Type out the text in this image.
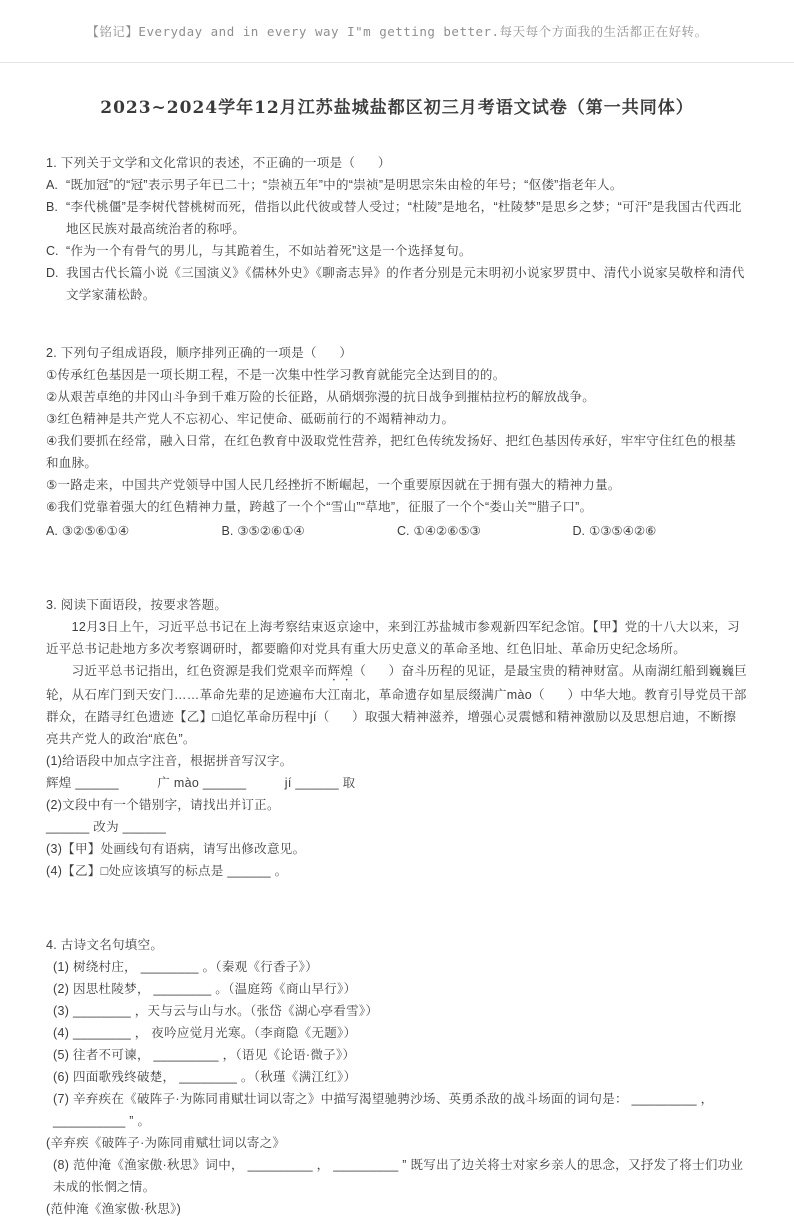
【铭记】Everyday and in every way I"m getting better.每天每个方面我的生活都正在好转。
2023~2024学年12月江苏盐城盐都区初三月考语文试卷（第一共同体）

1. 下列关于文学和文化常识的表述，不正确的一项是（      ）

A. “既加冠”的“冠”表示男子年已二十；“崇祯五年”中的“崇祯”是明思宗朱由检的年号；“伛偻”指老年人。
B. “李代桃僵”是李树代替桃树而死，借指以此代彼或替人受过；“杜陵”是地名，“杜陵梦”是思乡之梦；“可汗”是我国古代西北地区民族对最高统治者的称呼。
C. “作为一个有骨气的男儿，与其跪着生，不如站着死”这是一个选择复句。
D. 我国古代长篇小说《三国演义》《儒林外史》《聊斋志异》的作者分别是元末明初小说家罗贯中、清代小说家吴敬梓和清代文学家蒲松龄。

2. 下列句子组成语段，顺序排列正确的一项是（      ）

①传承红色基因是一项长期工程，不是一次集中性学习教育就能完全达到目的的。

②从艰苦卓绝的井冈山斗争到千难万险的长征路，从硝烟弥漫的抗日战争到摧枯拉朽的解放战争。

③红色精神是共产党人不忘初心、牢记使命、砥砺前行的不竭精神动力。

④我们要抓在经常，融入日常，在红色教育中汲取党性营养，把红色传统发扬好、把红色基因传承好，牢牢守住红色的根基和血脉。

⑤一路走来，中国共产党领导中国人民几经挫折不断崛起，一个重要原因就在于拥有强大的精神力量。

⑥我们党靠着强大的红色精神力量，跨越了一个个“雪山”“草地”，征服了一个个“娄山关”“腊子口”。

A. ③②⑤⑥①④	B. ③⑤②⑥①④	C. ①④②⑥⑤③	D. ①③⑤④②⑥

3. 阅读下面语段，按要求答题。

　　12月3日上午，习近平总书记在上海考察结束返京途中，来到江苏盐城市参观新四军纪念馆。【甲】党的十八大以来，习近平总书记赴地方多次考察调研时，都要瞻仰对党具有重大历史意义的革命圣地、红色旧址、革命历史纪念场所。

　　习近平总书记指出，红色资源是我们党艰辛而辉煌（      ）奋斗历程的见证，是最宝贵的精神财富。从南湖红船到巍巍巨轮，从石库门到天安门……革命先辈的足迹遍布大江南北，革命遗存如星辰缀满广mào（      ）中华大地。教育引导党员干部群众，在踏寻红色遗迹【乙】□追忆革命历程中jí（      ）取强大精神滋养，增强心灵震憾和精神激励以及思想启迪，不断擦亮共产党人的政治“底色”。

(1)给语段中加点字注音，根据拼音写汉字。

辉煌 ______　　　广 mào ______　　　jí ______ 取

(2)文段中有一个错别字，请找出并订正。

______ 改为 ______

(3)【甲】处画线句有语病，请写出修改意见。

(4)【乙】□处应该填写的标点是 ______ 。

4. 古诗文名句填空。

(1) 树绕村庄， ________ 。（秦观《行香子》）

(2) 因思杜陵梦， ________ 。（温庭筠《商山早行》）

(3) ________ ，天与云与山与水。（张岱《湖心亭看雪》）

(4) ________ ， 夜吟应觉月光寒。（李商隐《无题》）

(5) 往者不可谏， _________ ，（语见《论语·微子》）

(6) 四面歌残终破楚， ________ 。（秋瑾《满江红》）

(7) 辛弃疾在《破阵子·为陈同甫赋壮词以寄之》中描写渴望驰骋沙场、英勇杀敌的战斗场面的词句是： _________ ， __________ ” 。

(辛弃疾《破阵子·为陈同甫赋壮词以寄之》

(8) 范仲淹《渔家傲·秋思》词中， _________ ， _________ ” 既写出了边关将士对家乡亲人的思念，又抒发了将士们功业未成的怅惘之情。

(范仲淹《渔家傲·秋思》)
